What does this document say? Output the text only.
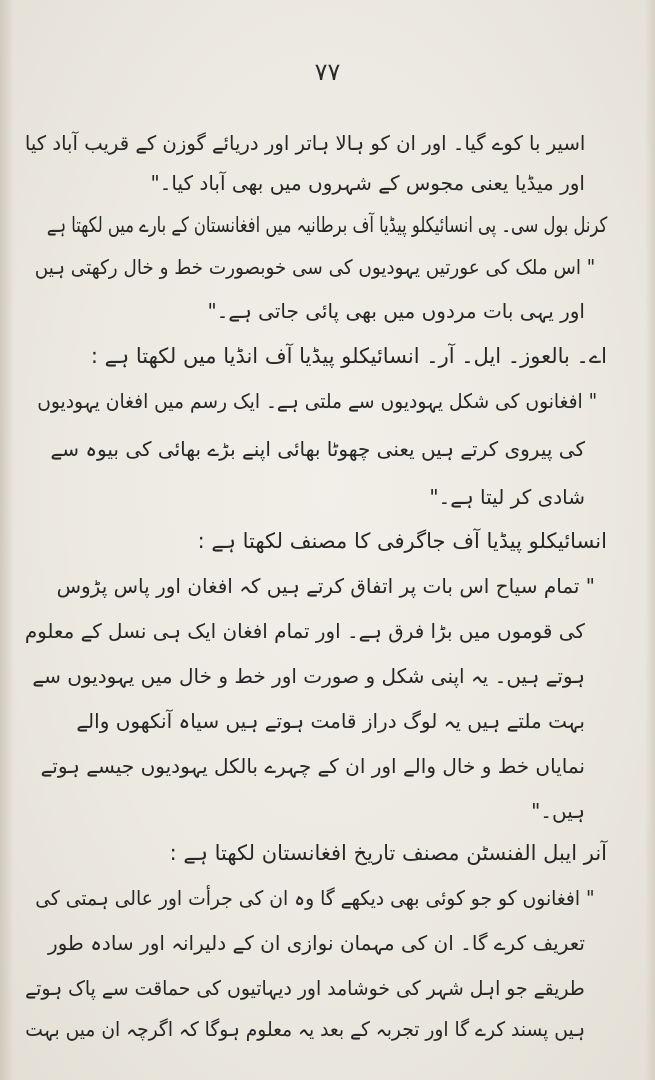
۷۷
اسیر با کوے گیا۔ اور ان کو ہالا ہاتر اور دریائے گوزن کے قریب آباد کیا
اور میڈیا یعنی مجوس کے شہروں میں بھی آباد کیا۔"
کرنل بول سی۔ پی انسائیکلو پیڈیا آف برطانیہ میں افغانستان کے بارے میں لکھتا ہے
" اس ملک کی عورتیں یہودیوں کی سی خوبصورت خط و خال رکھتی ہیں
اور یہی بات مردوں میں بھی پائی جاتی ہے۔"
اے۔ بالعوز۔ ایل۔ آر۔ انسائیکلو پیڈیا آف انڈیا میں لکھتا ہے :
" افغانوں کی شکل یہودیوں سے ملتی ہے۔ ایک رسم میں افغان یہودیوں
کی پیروی کرتے ہیں یعنی چھوٹا بھائی اپنے بڑے بھائی کی بیوہ سے
شادی کر لیتا ہے۔"
انسائیکلو پیڈیا آف جاگرفی کا مصنف لکھتا ہے :
" تمام سیاح اس بات پر اتفاق کرتے ہیں کہ افغان اور پاس پڑوس
کی قوموں میں بڑا فرق ہے۔ اور تمام افغان ایک ہی نسل کے معلوم
ہوتے ہیں۔ یہ اپنی شکل و صورت اور خط و خال میں یہودیوں سے
بہت ملتے ہیں یہ لوگ دراز قامت ہوتے ہیں سیاہ آنکھوں والے
نمایاں خط و خال والے اور ان کے چہرے بالکل یہودیوں جیسے ہوتے
ہیں۔"
آنر ایبل الفنسٹن مصنف تاریخ افغانستان لکھتا ہے :
" افغانوں کو جو کوئی بھی دیکھے گا وہ ان کی جرأت اور عالی ہمتی کی
تعریف کرے گا۔ ان کی مہمان نوازی ان کے دلیرانہ اور سادہ طور
طریقے جو اہل شہر کی خوشامد اور دیہاتیوں کی حماقت سے پاک ہوتے
ہیں پسند کرے گا اور تجربہ کے بعد یہ معلوم ہوگا کہ اگرچہ ان میں بہت
